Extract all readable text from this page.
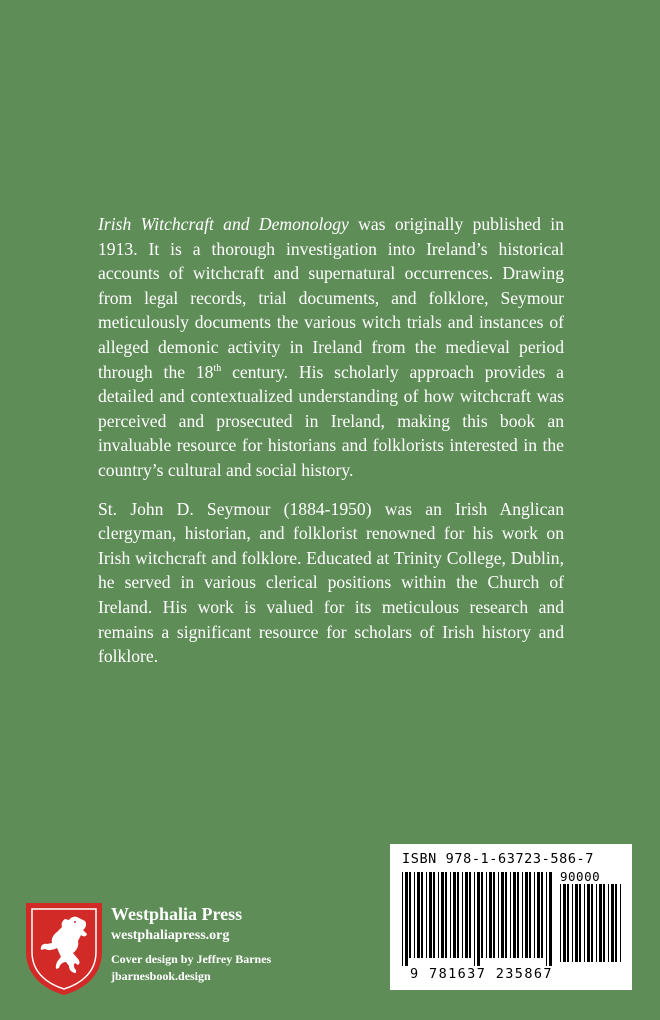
Irish Witchcraft and Demonology was originally published in 1913. It is a thorough investigation into Ireland’s historical accounts of witchcraft and supernatural occurrences. Drawing from legal records, trial documents, and folklore, Seymour meticulously documents the various witch trials and instances of alleged demonic activity in Ireland from the medieval period through the 18th century. His scholarly approach provides a detailed and contextualized understanding of how witchcraft was perceived and prosecuted in Ireland, making this book an invaluable resource for historians and folklorists interested in the country’s cultural and social history.

St. John D. Seymour (1884-1950) was an Irish Anglican clergyman, historian, and folklorist renowned for his work on Irish witchcraft and folklore. Educated at Trinity College, Dublin, he served in various clerical positions within the Church of Ireland. His work is valued for its meticulous research and remains a significant resource for scholars of Irish history and folklore.

Westphalia Press
westphaliapress.org
Cover design by Jeffrey Barnes
jbarnesbook.design
ISBN 978-1-63723-586-7
90000
9 781637 235867
